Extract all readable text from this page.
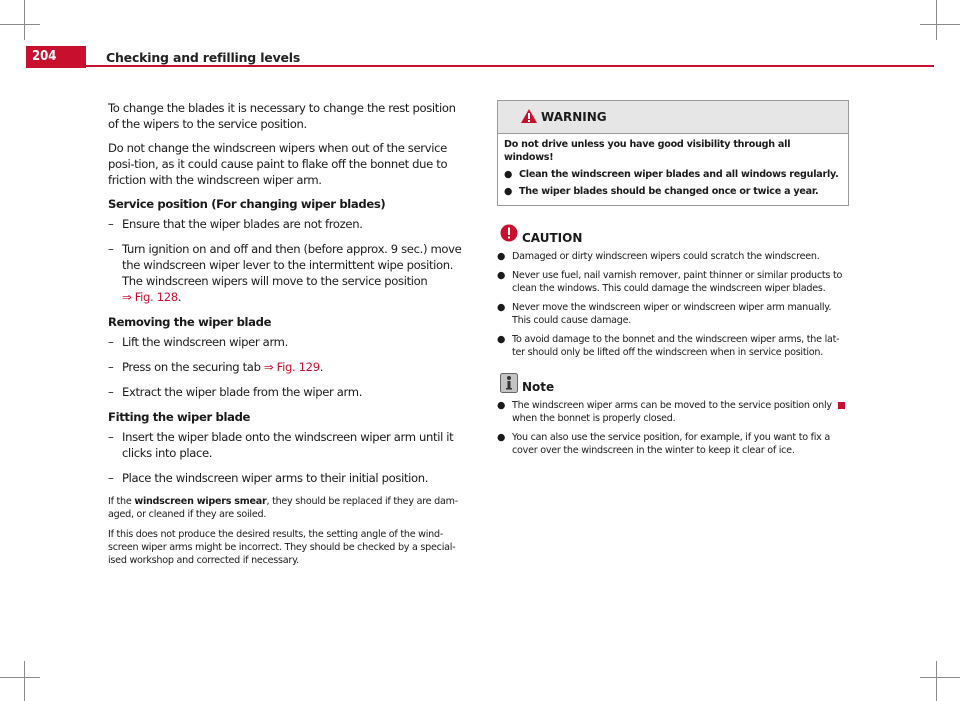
204	Checking and refilling levels

To change the blades it is necessary to change the rest position of the wipers to the service position.

Do not change the windscreen wipers when out of the service posi-tion, as it could cause paint to flake off the bonnet due to friction with the windscreen wiper arm.

Service position (For changing wiper blades)

– Ensure that the wiper blades are not frozen.
– Turn ignition on and off and then (before approx. 9 sec.) move the windscreen wiper lever to the intermittent wipe position. The windscreen wipers will move to the service position
⇒ Fig. 128.

Removing the wiper blade

– Lift the windscreen wiper arm.
– Press on the securing tab ⇒ Fig. 129.
– Extract the wiper blade from the wiper arm.

Fitting the wiper blade

– Insert the wiper blade onto the windscreen wiper arm until it clicks into place.
– Place the windscreen wiper arms to their initial position.

If the windscreen wipers smear, they should be replaced if they are dam-aged, or cleaned if they are soiled.

If this does not produce the desired results, the setting angle of the wind-screen wiper arms might be incorrect. They should be checked by a special-ised workshop and corrected if necessary.

WARNING
Do not drive unless you have good visibility through all windows!
● Clean the windscreen wiper blades and all windows regularly.
● The wiper blades should be changed once or twice a year.
CAUTION
● Damaged or dirty windscreen wipers could scratch the windscreen.
● Never use fuel, nail varnish remover, paint thinner or similar products to clean the windows. This could damage the windscreen wiper blades.
● Never move the windscreen wiper or windscreen wiper arm manually. This could cause damage.
● To avoid damage to the bonnet and the windscreen wiper arms, the lat-ter should only be lifted off the windscreen when in service position.
Note
● The windscreen wiper arms can be moved to the service position only when the bonnet is properly closed.
● You can also use the service position, for example, if you want to fix a cover over the windscreen in the winter to keep it clear of ice.
